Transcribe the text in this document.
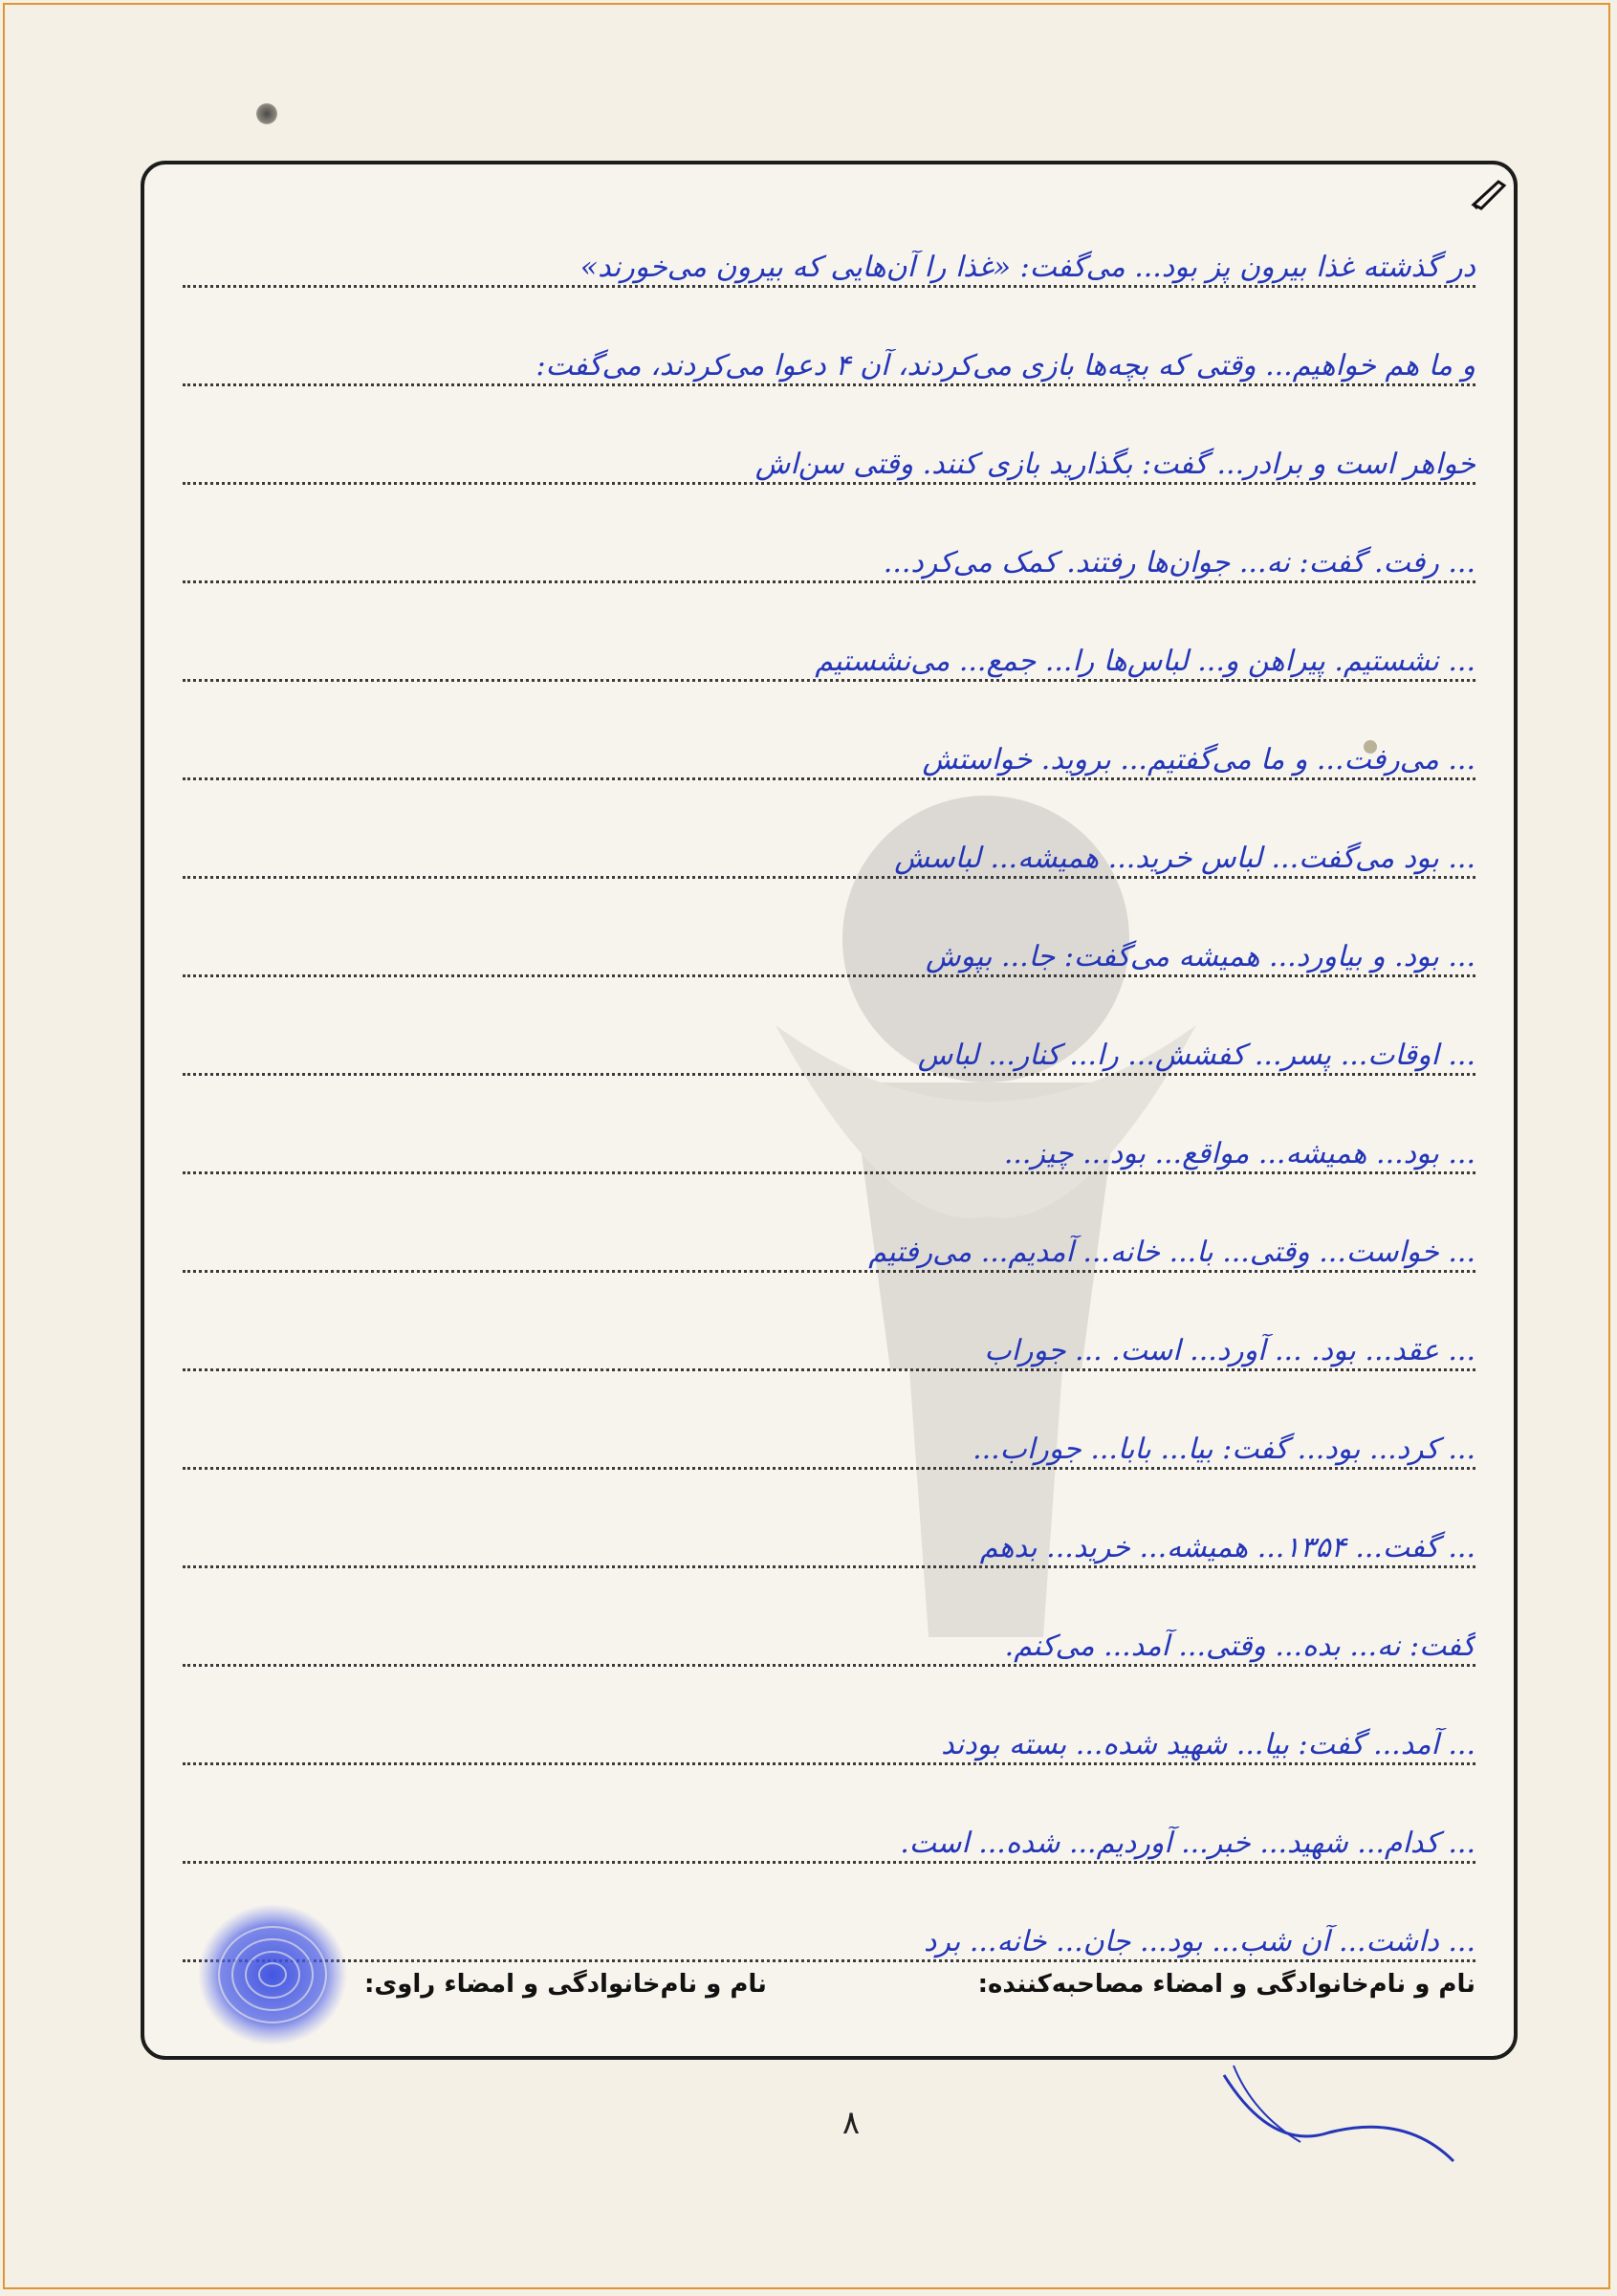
در گذشته غذا بیرون پز بود... می‌گفت: «غذا را آن‌هایی که بیرون می‌خورند»
و ما هم خواهیم... وقتی که بچه‌ها بازی می‌کردند، آن ۴ دعوا می‌کردند، می‌گفت:
خواهر است و برادر... گفت: بگذارید بازی کنند. وقتی سن‌اش
... رفت. گفت: نه... جوان‌ها رفتند. کمک می‌کرد...
... نشستیم. پیراهن و... لباس‌ها را... جمع... می‌نشستیم
... می‌رفت... و ما می‌گفتیم... بروید. خواستش
... بود می‌گفت... لباس خرید... همیشه... لباسش
... بود. و بیاورد... همیشه می‌گفت: جا... بپوش
... اوقات... پسر... کفشش... را... کنار... لباس
... بود... همیشه... مواقع... بود... چیز...
... خواست... وقتی... با... خانه... آمدیم... می‌رفتیم
... عقد... بود. ... آورد... است. ... جوراب
... کرد... بود... گفت: بیا... بابا... جوراب...
... گفت... ۱۳۵۴... همیشه... خرید... بدهم
گفت: نه... بده... وقتی... آمد... می‌کنم.
... آمد... گفت: بیا... شهید شده... بسته بودند
... کدام... شهید... خبر... آوردیم... شده... است.
... داشت... آن شب... بود... جان... خانه... برد
نام و نام‌خانوادگی و امضاء مصاحبه‌کننده:
نام و نام‌خانوادگی و امضاء راوی:
۸
